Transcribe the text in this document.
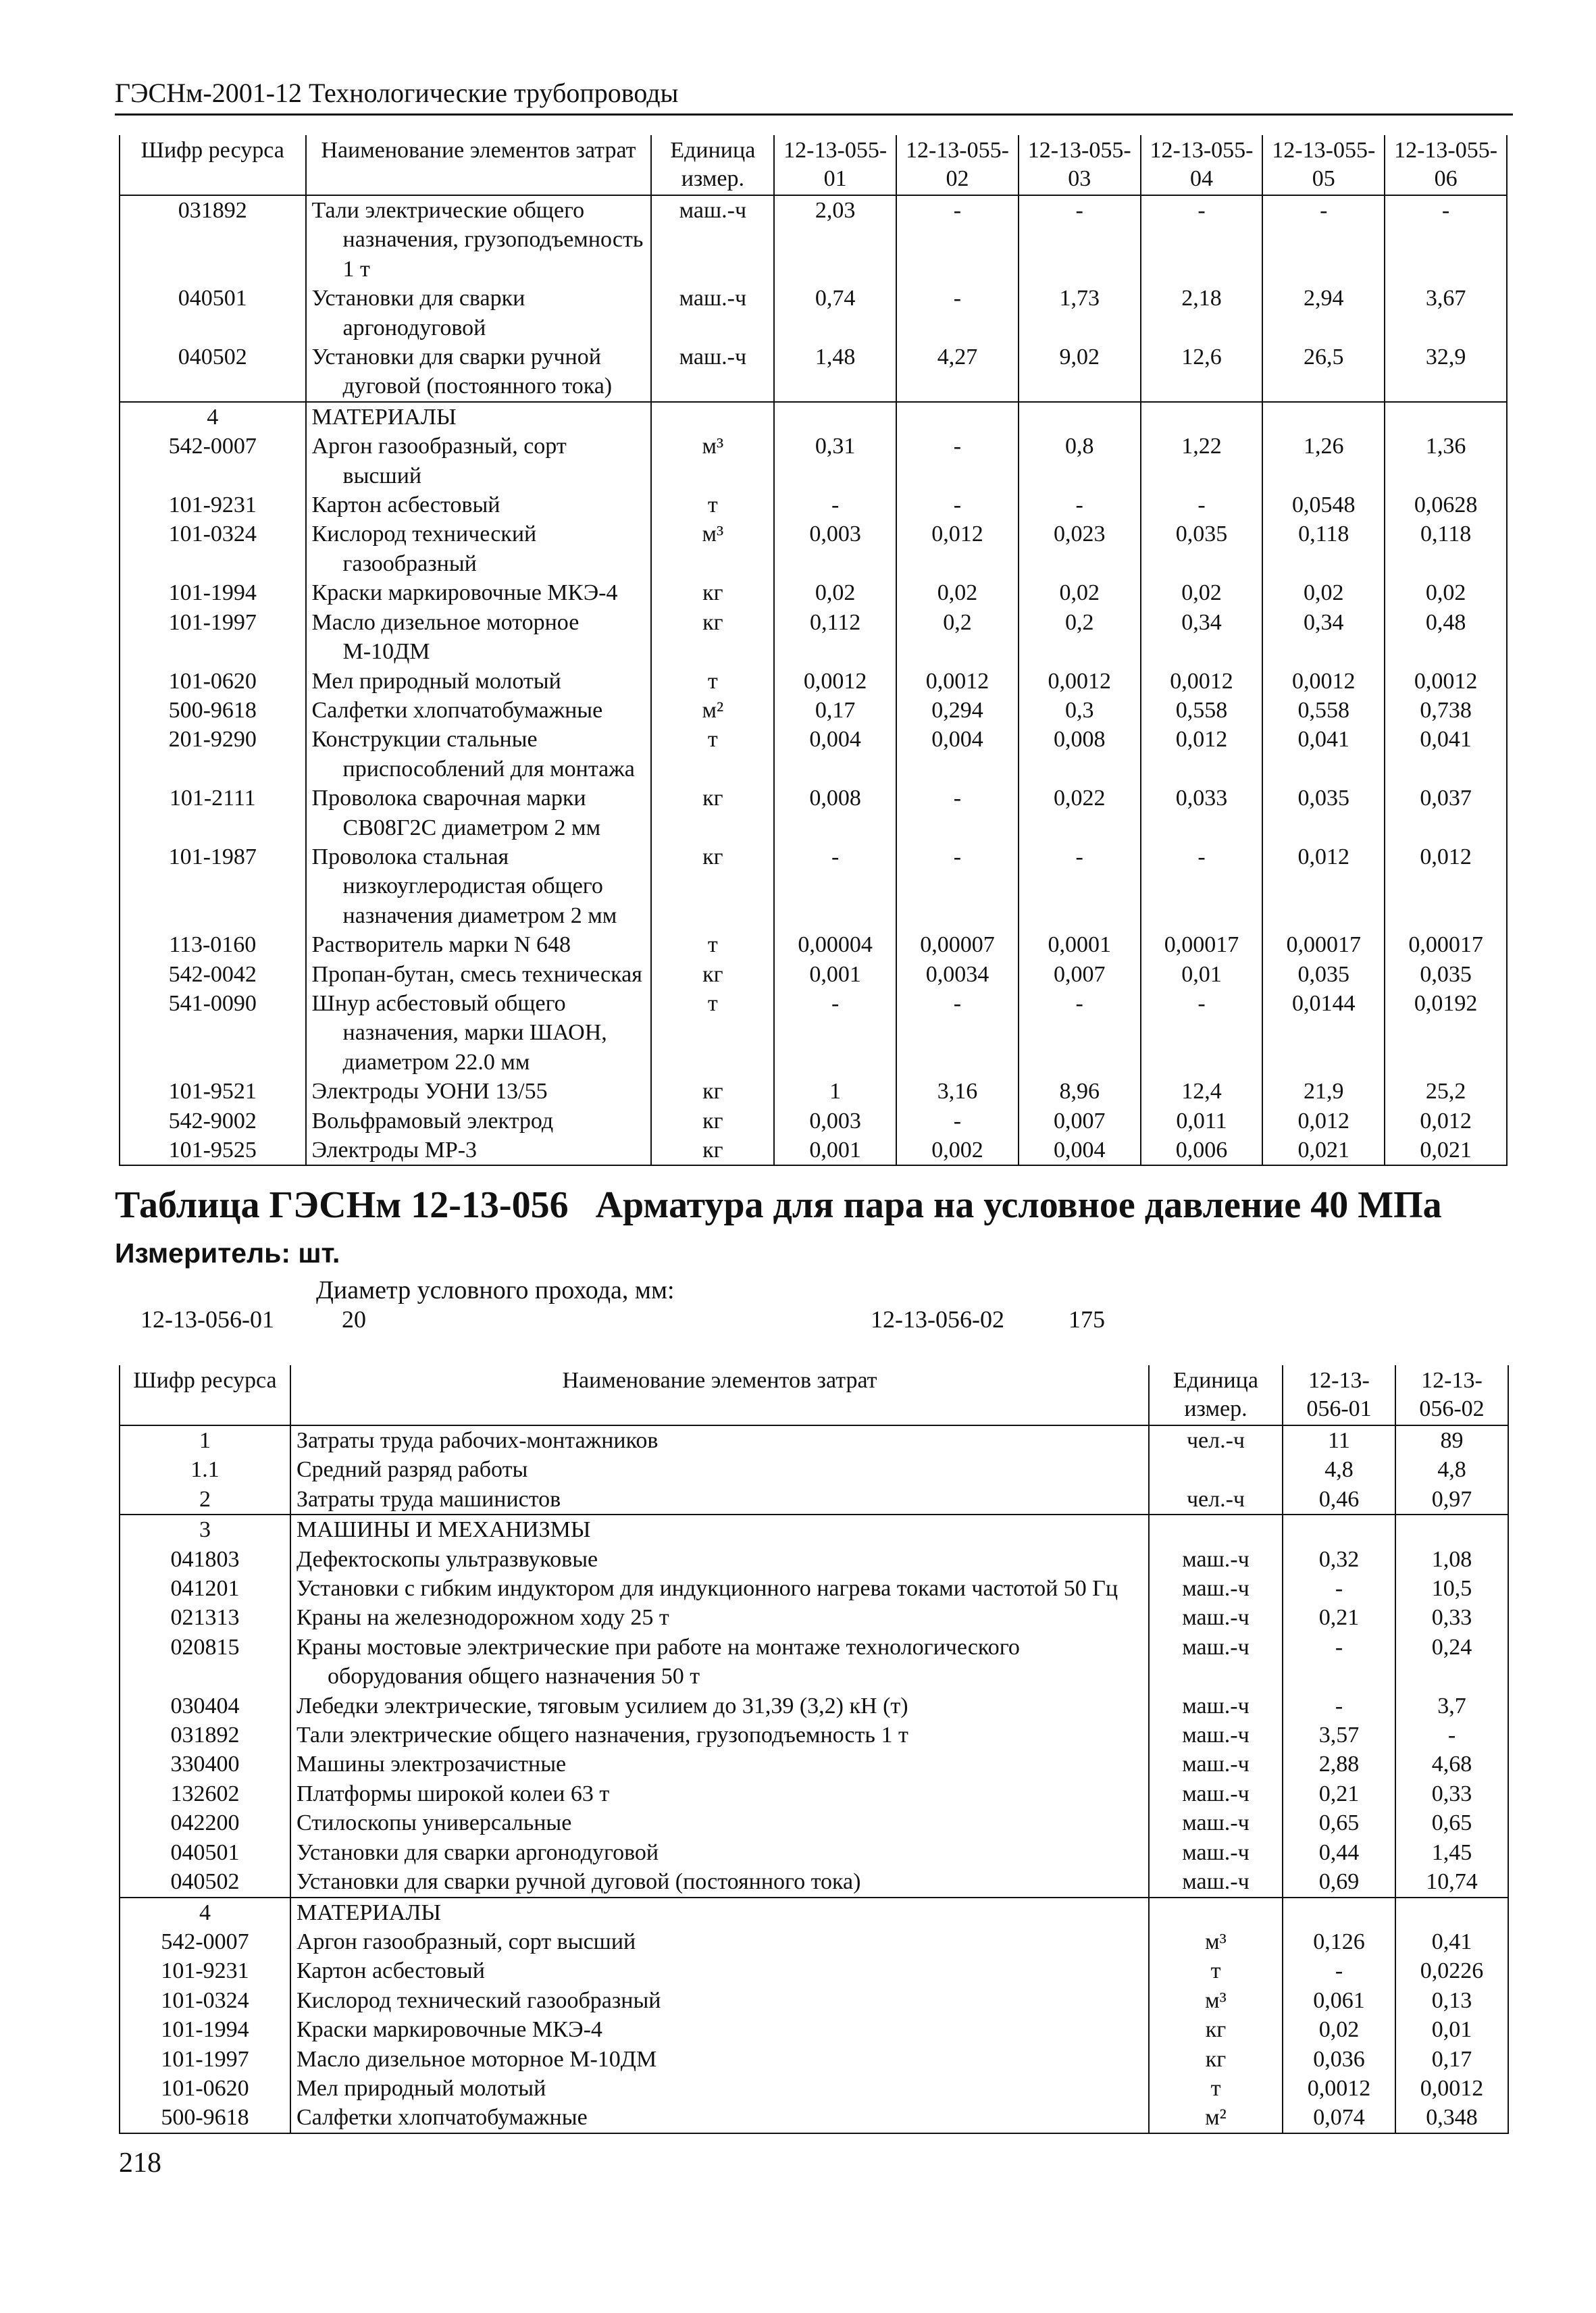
ГЭСНм-2001-12 Технологические трубопроводы
Шифр ресурса	Наименование элементов затрат	Единица измер.	12-13-055-01	12-13-055-02	12-13-055-03	12-13-055-04	12-13-055-05	12-13-055-06
031892	Тали электрические общего назначения, грузоподъемность 1 т	маш.-ч	2,03	-	-	-	-	-
040501	Установки для сварки аргонодуговой	маш.-ч	0,74	-	1,73	2,18	2,94	3,67
040502	Установки для сварки ручной дуговой (постоянного тока)	маш.-ч	1,48	4,27	9,02	12,6	26,5	32,9
4	МАТЕРИАЛЫ							
542-0007	Аргон газообразный, сорт высший	м³	0,31	-	0,8	1,22	1,26	1,36
101-9231	Картон асбестовый	т	-	-	-	-	0,0548	0,0628
101-0324	Кислород технический газообразный	м³	0,003	0,012	0,023	0,035	0,118	0,118
101-1994	Краски маркировочные МКЭ-4	кг	0,02	0,02	0,02	0,02	0,02	0,02
101-1997	Масло дизельное моторное М-10ДМ	кг	0,112	0,2	0,2	0,34	0,34	0,48
101-0620	Мел природный молотый	т	0,0012	0,0012	0,0012	0,0012	0,0012	0,0012
500-9618	Салфетки хлопчатобумажные	м²	0,17	0,294	0,3	0,558	0,558	0,738
201-9290	Конструкции стальные приспособлений для монтажа	т	0,004	0,004	0,008	0,012	0,041	0,041
101-2111	Проволока сварочная марки СВ08Г2С диаметром 2 мм	кг	0,008	-	0,022	0,033	0,035	0,037
101-1987	Проволока стальная низкоуглеродистая общего назначения диаметром 2 мм	кг	-	-	-	-	0,012	0,012
113-0160	Растворитель марки N 648	т	0,00004	0,00007	0,0001	0,00017	0,00017	0,00017
542-0042	Пропан-бутан, смесь техническая	кг	0,001	0,0034	0,007	0,01	0,035	0,035
541-0090	Шнур асбестовый общего назначения, марки ШАОН, диаметром 22.0 мм	т	-	-	-	-	0,0144	0,0192
101-9521	Электроды УОНИ 13/55	кг	1	3,16	8,96	12,4	21,9	25,2
542-9002	Вольфрамовый электрод	кг	0,003	-	0,007	0,011	0,012	0,012
101-9525	Электроды МР-3	кг	0,001	0,002	0,004	0,006	0,021	0,021
Таблица ГЭСНм 12-13-056 Арматура для пара на условное давление 40 МПа
Измеритель: шт.
Диаметр условного прохода, мм:
12-13-056-01	20	12-13-056-02	175
Шифр ресурса	Наименование элементов затрат	Единица измер.	12-13-056-01	12-13-056-02
1	Затраты труда рабочих-монтажников	чел.-ч	11	89
1.1	Средний разряд работы		4,8	4,8
2	Затраты труда машинистов	чел.-ч	0,46	0,97
3	МАШИНЫ И МЕХАНИЗМЫ			
041803	Дефектоскопы ультразвуковые	маш.-ч	0,32	1,08
041201	Установки с гибким индуктором для индукционного нагрева токами частотой 50 Гц	маш.-ч	-	10,5
021313	Краны на железнодорожном ходу 25 т	маш.-ч	0,21	0,33
020815	Краны мостовые электрические при работе на монтаже технологического оборудования общего назначения 50 т	маш.-ч	-	0,24
030404	Лебедки электрические, тяговым усилием до 31,39 (3,2) кН (т)	маш.-ч	-	3,7
031892	Тали электрические общего назначения, грузоподъемность 1 т	маш.-ч	3,57	-
330400	Машины электрозачистные	маш.-ч	2,88	4,68
132602	Платформы широкой колеи 63 т	маш.-ч	0,21	0,33
042200	Стилоскопы универсальные	маш.-ч	0,65	0,65
040501	Установки для сварки аргонодуговой	маш.-ч	0,44	1,45
040502	Установки для сварки ручной дуговой (постоянного тока)	маш.-ч	0,69	10,74
4	МАТЕРИАЛЫ			
542-0007	Аргон газообразный, сорт высший	м³	0,126	0,41
101-9231	Картон асбестовый	т	-	0,0226
101-0324	Кислород технический газообразный	м³	0,061	0,13
101-1994	Краски маркировочные МКЭ-4	кг	0,02	0,01
101-1997	Масло дизельное моторное М-10ДМ	кг	0,036	0,17
101-0620	Мел природный молотый	т	0,0012	0,0012
500-9618	Салфетки хлопчатобумажные	м²	0,074	0,348
218
